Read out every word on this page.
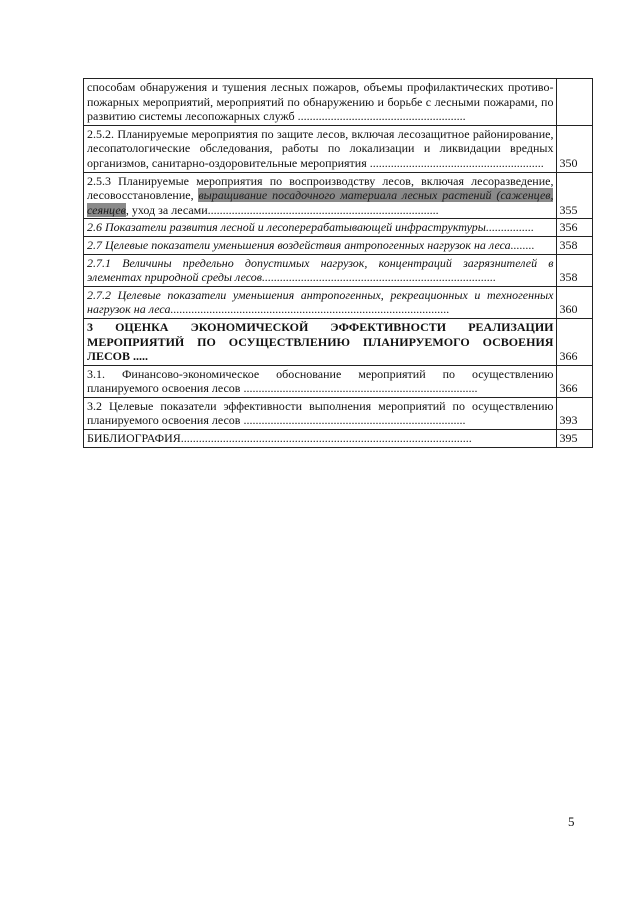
способам обнаружения и тушения лесных пожаров, объемы профилактических противо-пожарных мероприятий, мероприятий по обнаружению и борьбе с лесными пожарами, по развитию системы лесопожарных служб ........................................................	
2.5.2. Планируемые мероприятия по защите лесов, включая лесозащитное районирование, лесопатологические обследования, работы по локализации и ликвидации вредных организмов, санитарно-оздоровительные мероприятия ..........................................................	350
2.5.3 Планируемые мероприятия по воспроизводству лесов, включая лесоразведение, лесовосстановление, выращивание посадочного материала лесных растений (саженцев, сеянцев, уход за лесами.............................................................................	355
2.6 Показатели развития лесной и лесоперерабатывающей инфраструктуры................	356
2.7 Целевые показатели уменьшения воздействия антропогенных нагрузок на леса........	358
2.7.1 Величины предельно допустимых нагрузок, концентраций загрязнителей в элементах природной среды лесов..............................................................................	358
2.7.2 Целевые показатели уменьшения антропогенных, рекреационных и техногенных нагрузок на леса.............................................................................................	360
3 ОЦЕНКА ЭКОНОМИЧЕСКОЙ ЭФФЕКТИВНОСТИ РЕАЛИЗАЦИИ МЕРОПРИЯТИЙ ПО ОСУЩЕСТВЛЕНИЮ ПЛАНИРУЕМОГО ОСВОЕНИЯ ЛЕСОВ .....	366
3.1. Финансово-экономическое обоснование мероприятий по осуществлению планируемого освоения лесов ..............................................................................	366
3.2 Целевые показатели эффективности выполнения мероприятий по осуществлению планируемого освоения лесов ..........................................................................	393
БИБЛИОГРАФИЯ.................................................................................................	395
5
